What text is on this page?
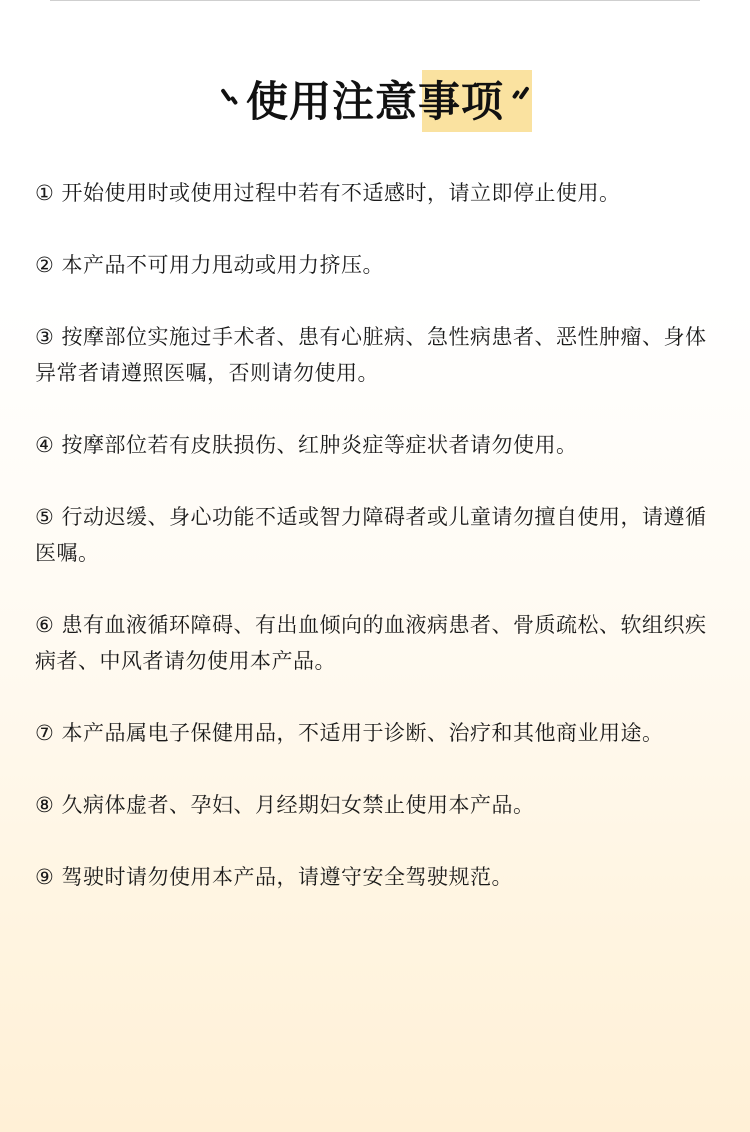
使用注意事项
① 开始使用时或使用过程中若有不适感时，请立即停止使用。
② 本产品不可用力甩动或用力挤压。
③ 按摩部位实施过手术者、患有心脏病、急性病患者、恶性肿瘤、身体异常者请遵照医嘱，否则请勿使用。
④ 按摩部位若有皮肤损伤、红肿炎症等症状者请勿使用。
⑤ 行动迟缓、身心功能不适或智力障碍者或儿童请勿擅自使用，请遵循医嘱。
⑥ 患有血液循环障碍、有出血倾向的血液病患者、骨质疏松、软组织疾病者、中风者请勿使用本产品。
⑦ 本产品属电子保健用品，不适用于诊断、治疗和其他商业用途。
⑧ 久病体虚者、孕妇、月经期妇女禁止使用本产品。
⑨ 驾驶时请勿使用本产品，请遵守安全驾驶规范。
